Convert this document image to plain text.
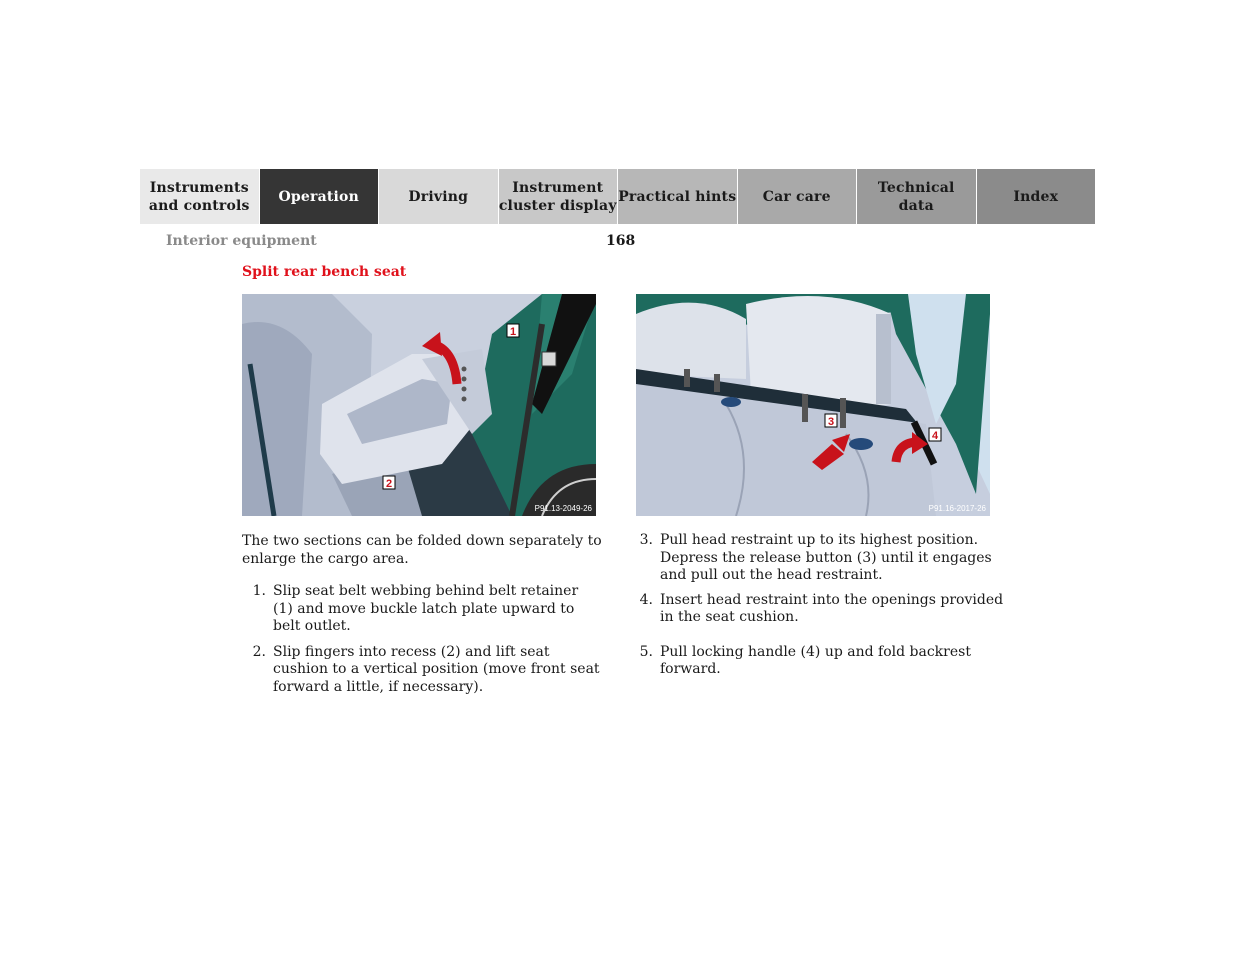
Instruments
and controls
Operation	Driving
Instrument
cluster display
Practical hints Car care
Technical
data
Index
Interior equipment	168
Split rear bench seat
1
2
P91.13-2049-26
3
4
P91.16-2017-26

The two sections can be folded down separately to enlarge the cargo area.

1. Slip seat belt webbing behind belt retainer (1) and move buckle latch plate upward to belt outlet.
2. Slip fingers into recess (2) and lift seat cushion to a vertical position (move front seat forward a little, if necessary).
3. Pull head restraint up to its highest position. Depress the release button (3) until it engages and pull out the head restraint.
4. Insert head restraint into the openings provided in the seat cushion.
5. Pull locking handle (4) up and fold backrest forward.
